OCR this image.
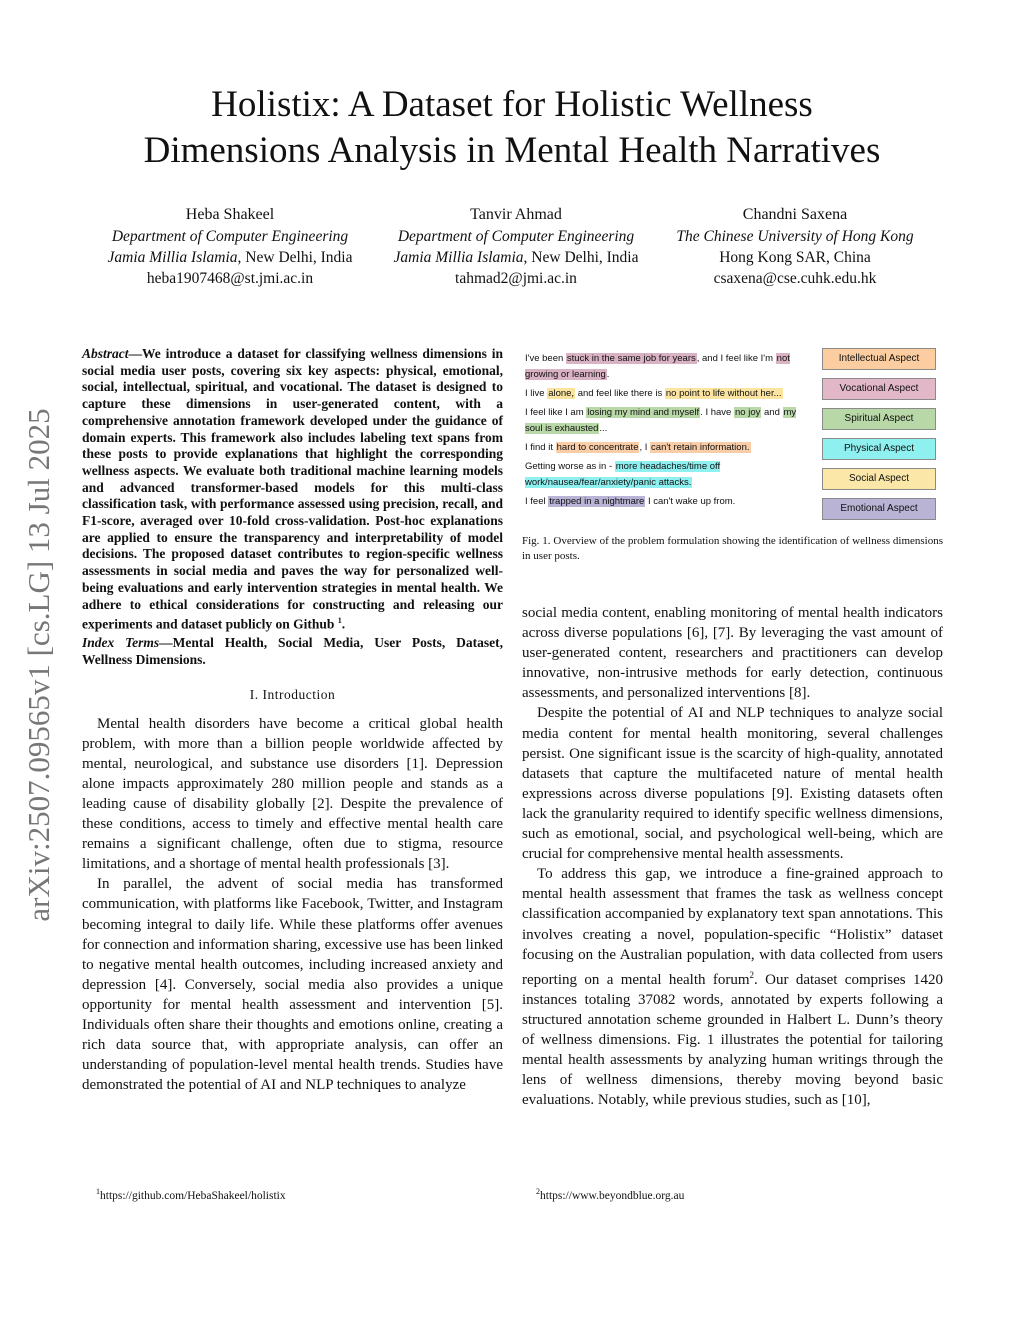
arXiv:2507.09565v1 [cs.LG] 13 Jul 2025
Holistix: A Dataset for Holistic Wellness
Dimensions Analysis in Mental Health Narratives
Heba Shakeel
Department of Computer Engineering
Jamia Millia Islamia, New Delhi, India
heba1907468@st.jmi.ac.in
Tanvir Ahmad
Department of Computer Engineering
Jamia Millia Islamia, New Delhi, India
tahmad2@jmi.ac.in
Chandni Saxena
The Chinese University of Hong Kong
Hong Kong SAR, China
csaxena@cse.cuhk.edu.hk

Abstract—We introduce a dataset for classifying wellness dimensions in social media user posts, covering six key aspects: physical, emotional, social, intellectual, spiritual, and vocational. The dataset is designed to capture these dimensions in user-generated content, with a comprehensive annotation framework developed under the guidance of domain experts. This framework also includes labeling text spans from these posts to provide explanations that highlight the corresponding wellness aspects. We evaluate both traditional machine learning models and advanced transformer-based models for this multi-class classification task, with performance assessed using precision, recall, and F1-score, averaged over 10-fold cross-validation. Post-hoc explanations are applied to ensure the transparency and interpretability of model decisions. The proposed dataset contributes to region-specific wellness assessments in social media and paves the way for personalized well-being evaluations and early intervention strategies in mental health. We adhere to ethical considerations for constructing and releasing our experiments and dataset publicly on Github $^1$.

Index Terms—Mental Health, Social Media, User Posts, Dataset, Wellness Dimensions.

I. Introduction

Mental health disorders have become a critical global health problem, with more than a billion people worldwide affected by mental, neurological, and substance use disorders [1]. Depression alone impacts approximately 280 million people and stands as a leading cause of disability globally [2]. Despite the prevalence of these conditions, access to timely and effective mental health care remains a significant challenge, often due to stigma, resource limitations, and a shortage of mental health professionals [3].

In parallel, the advent of social media has transformed communication, with platforms like Facebook, Twitter, and Instagram becoming integral to daily life. While these platforms offer avenues for connection and information sharing, excessive use has been linked to negative mental health outcomes, including increased anxiety and depression [4]. Conversely, social media also provides a unique opportunity for mental health assessment and intervention [5]. Individuals often share their thoughts and emotions online, creating a rich data source that, with appropriate analysis, can offer an understanding of population-level mental health trends. Studies have demonstrated the potential of AI and NLP techniques to analyze

I've been stuck in the same job for years, and I feel like I'm not growing or learning.

I live alone, and feel like there is no point to life without her...

I feel like I am losing my mind and myself. I have no joy and my soul is exhausted...

I find it hard to concentrate, I can't retain information.

Getting worse as in - more headaches/time off work/nausea/fear/anxiety/panic attacks.

I feel trapped in a nightmare I can't wake up from.

Intellectual Aspect
Vocational Aspect
Spiritual Aspect
Physical Aspect
Social Aspect
Emotional Aspect
Fig. 1. Overview of the problem formulation showing the identification of wellness dimensions in user posts.

social media content, enabling monitoring of mental health indicators across diverse populations [6], [7]. By leveraging the vast amount of user-generated content, researchers and practitioners can develop innovative, non-intrusive methods for early detection, continuous assessments, and personalized interventions [8].

Despite the potential of AI and NLP techniques to analyze social media content for mental health monitoring, several challenges persist. One significant issue is the scarcity of high-quality, annotated datasets that capture the multifaceted nature of mental health expressions across diverse populations [9]. Existing datasets often lack the granularity required to identify specific wellness dimensions, such as emotional, social, and psychological well-being, which are crucial for comprehensive mental health assessments.

To address this gap, we introduce a fine-grained approach to mental health assessment that frames the task as wellness concept classification accompanied by explanatory text span annotations. This involves creating a novel, population-specific “Holistix” dataset focusing on the Australian population, with data collected from users reporting on a mental health forum$^2$. Our dataset comprises 1420 instances totaling 37082 words, annotated by experts following a structured annotation scheme grounded in Halbert L. Dunn’s theory of wellness dimensions. Fig. 1 illustrates the potential for tailoring mental health assessments by analyzing human writings through the lens of wellness dimensions, thereby moving beyond basic evaluations. Notably, while previous studies, such as [10],

$^1$https://github.com/HebaShakeel/holistix	$^2$https://www.beyondblue.org.au
